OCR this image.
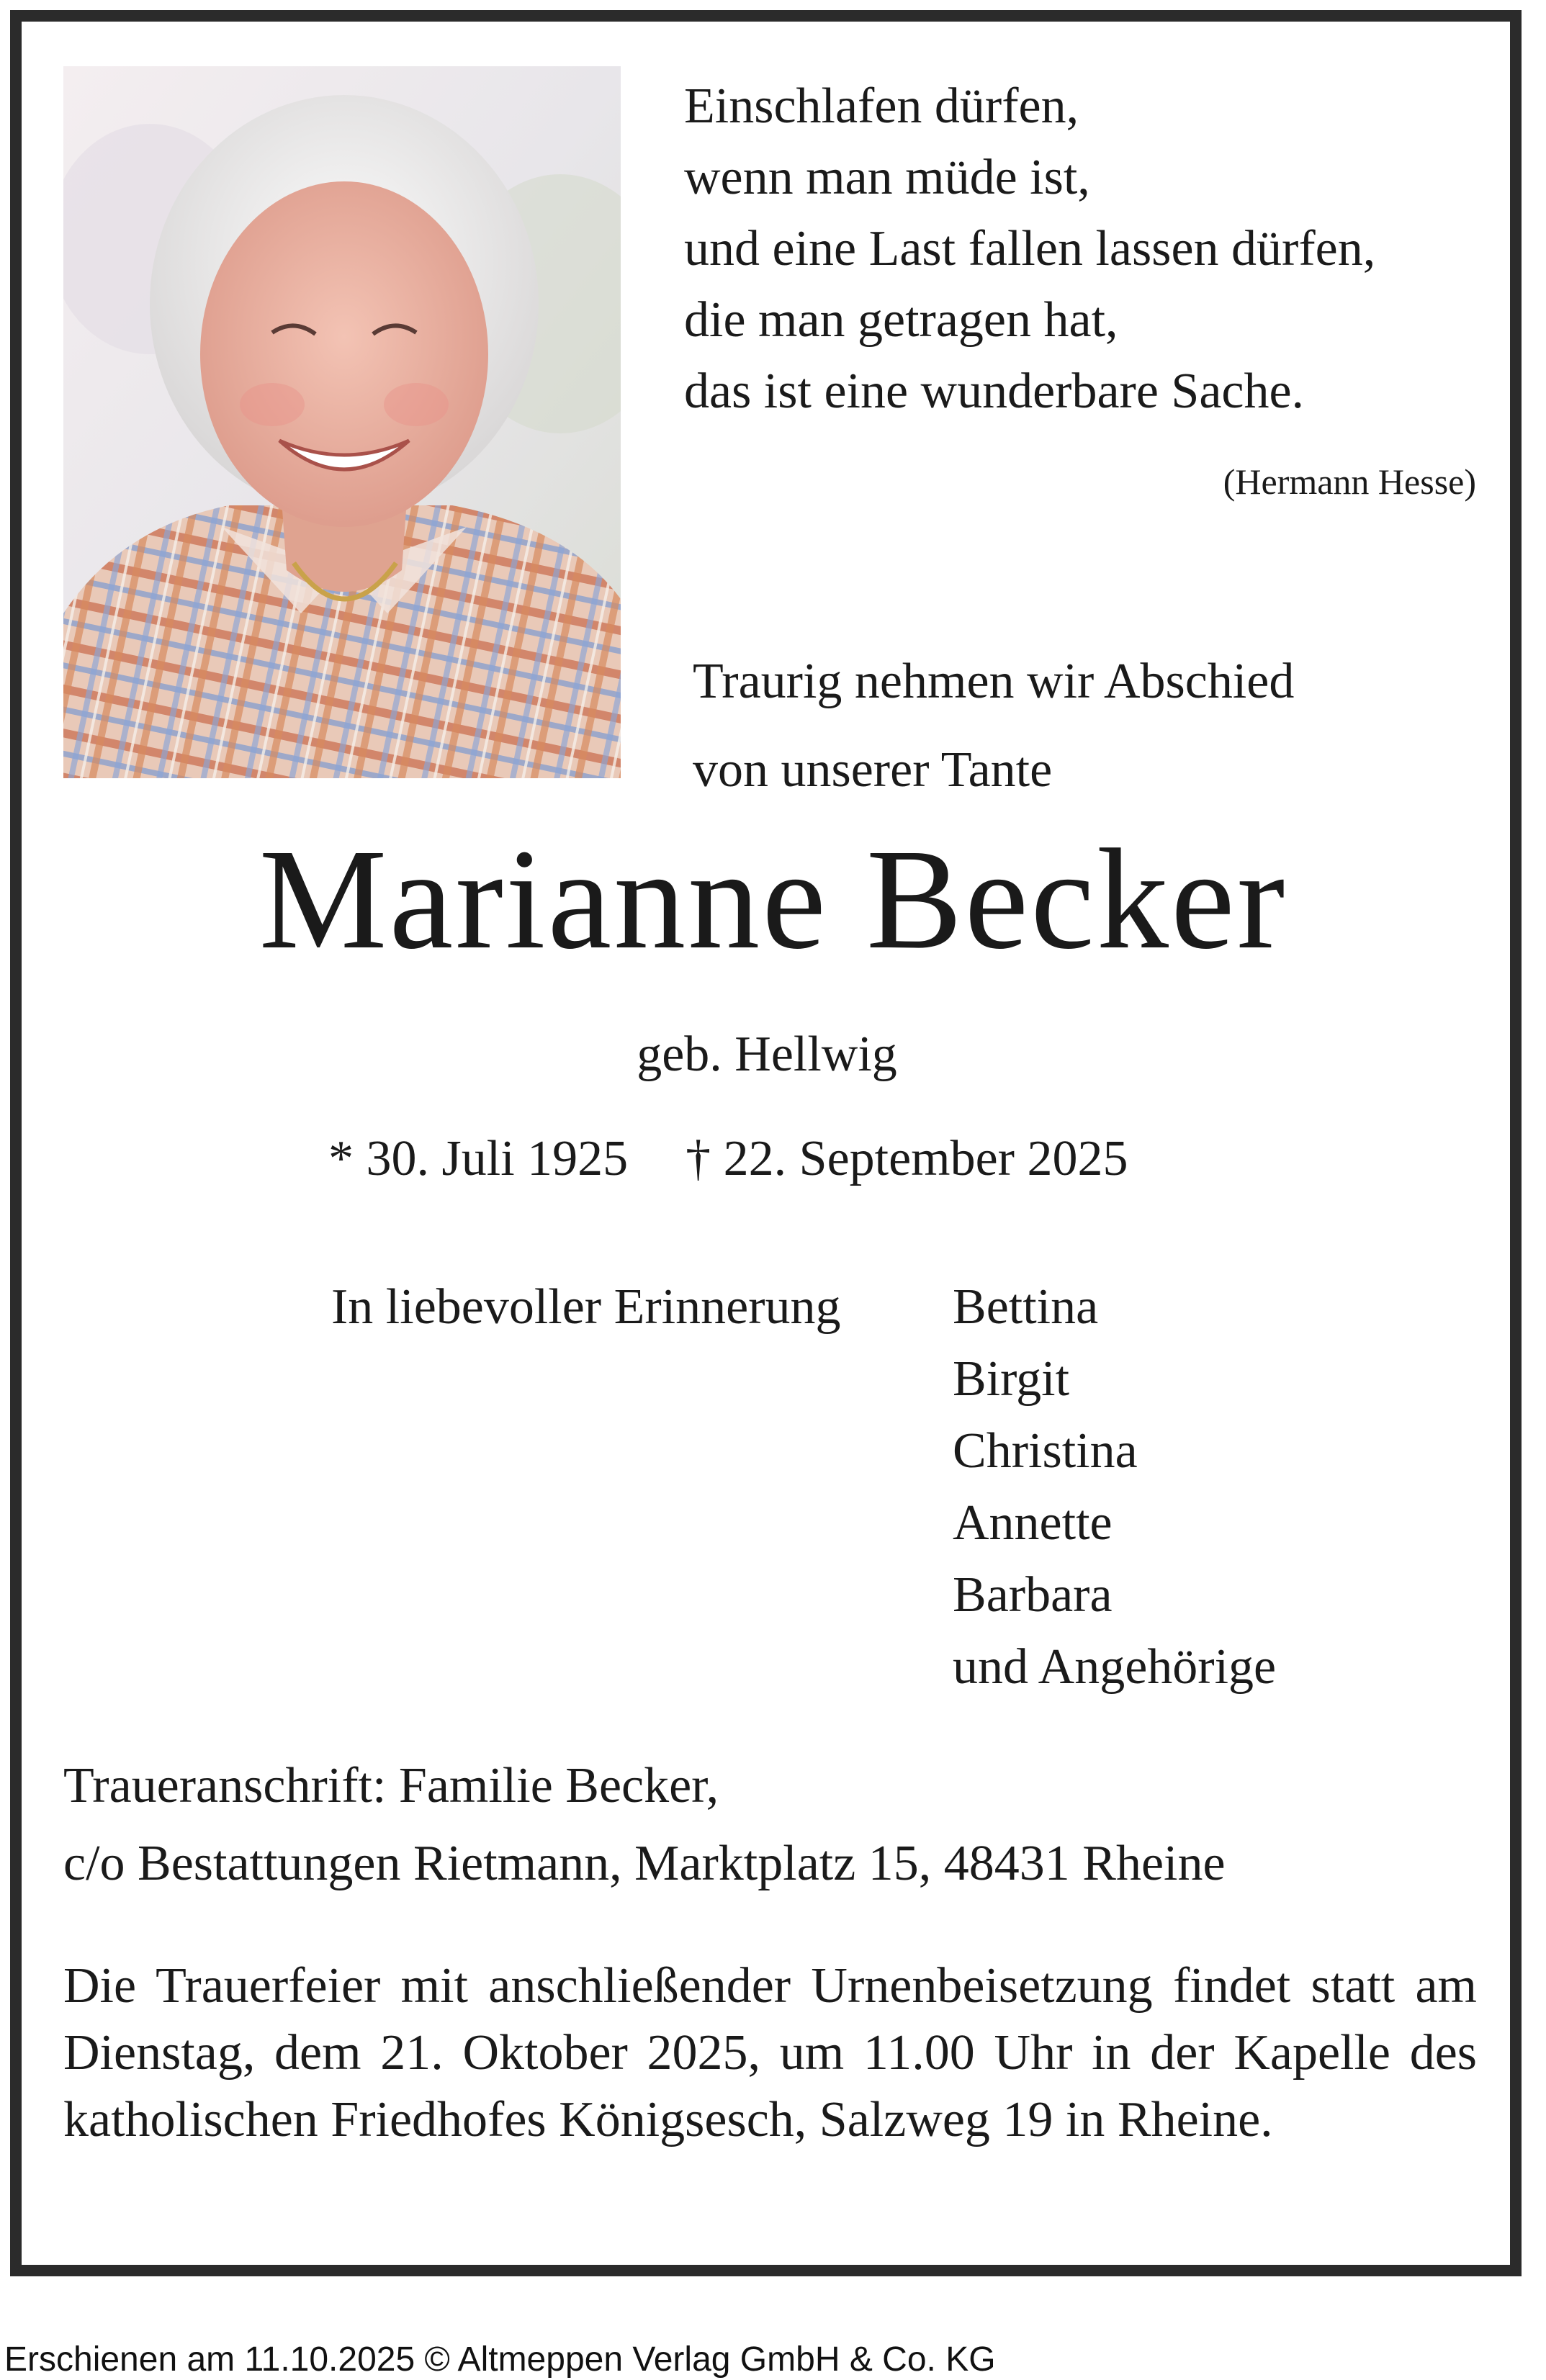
Einschlafen dürfen,
wenn man müde ist,
und eine Last fallen lassen dürfen,
die man getragen hat,
das ist eine wunderbare Sache.
(Hermann Hesse)
Traurig nehmen wir Abschied
von unserer Tante
Marianne Becker
geb. Hellwig
* 30. Juli 1925 † 22. September 2025
In liebevoller Erinnerung Bettina
Birgit
Christina
Annette
Barbara
und Angehörige
Traueranschrift: Familie Becker,
c/o Bestattungen Rietmann, Marktplatz 15, 48431 Rheine
Die Trauerfeier mit anschließender Urnenbeisetzung findet statt am Dienstag, dem 21. Oktober 2025, um 11.00 Uhr in der Kapelle des katholischen Friedhofes Königsesch, Salzweg 19 in Rheine.
Erschienen am 11.10.2025 © Altmeppen Verlag GmbH & Co. KG
